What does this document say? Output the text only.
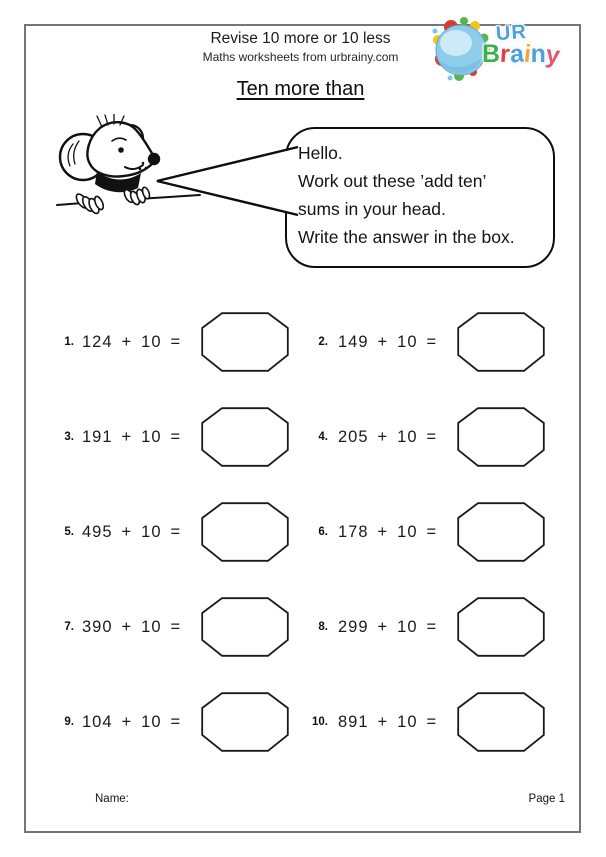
Revise 10 more or 10 less
Maths worksheets from urbrainy.com
UR
Brainy
Ten more than
Hello.
Work out these ’add ten’
sums in your head.
Write the answer in the box.
1. 124 + 10 =	2. 149 + 10 =
3. 191 + 10 =	4. 205 + 10 =
5. 495 + 10 =	6. 178 + 10 =
7. 390 + 10 =	8. 299 + 10 =
9. 104 + 10 =	10. 891 + 10 =
Name:	Page 1
